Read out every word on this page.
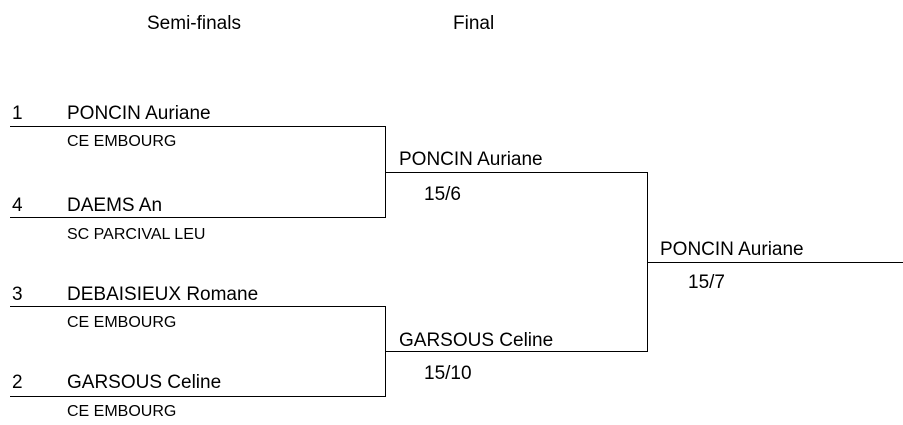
Semi-finals	Final
1 PONCIN Auriane
CE EMBOURG
4 DAEMS An
SC PARCIVAL LEU
3 DEBAISIEUX Romane
CE EMBOURG
2 GARSOUS Celine
CE EMBOURG
PONCIN Auriane
15/6
GARSOUS Celine
15/10
PONCIN Auriane
15/7
